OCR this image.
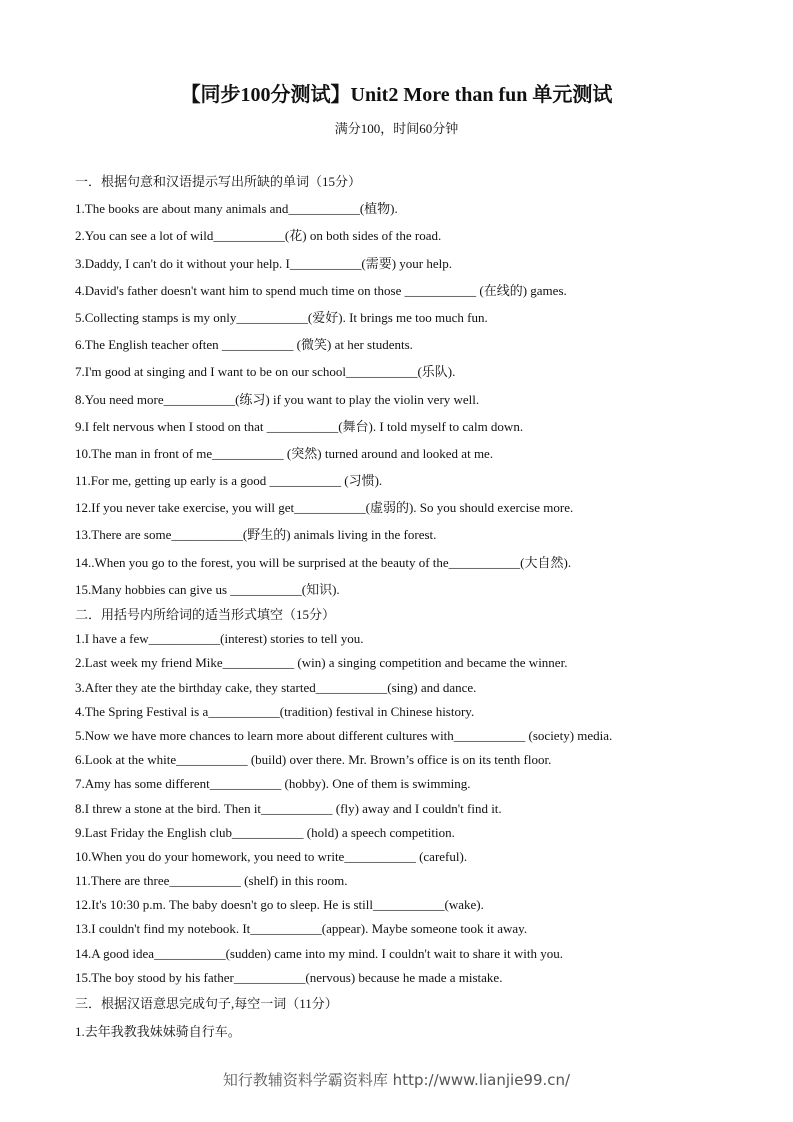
【同步100分测试】Unit2 More than fun 单元测试
满分100，时间60分钟
一．根据句意和汉语提示写出所缺的单词（15分）
1.The books are about many animals and___________(植物).
2.You can see a lot of wild___________(花) on both sides of the road.
3.Daddy, I can't do it without your help. I___________(需要) your help.
4.David's father doesn't want him to spend much time on those ___________ (在线的) games.
5.Collecting stamps is my only___________(爱好). It brings me too much fun.
6.The English teacher often ___________ (微笑) at her students.
7.I'm good at singing and I want to be on our school___________(乐队).
8.You need more___________(练习) if you want to play the violin very well.
9.I felt nervous when I stood on that ___________(舞台). I told myself to calm down.
10.The man in front of me___________ (突然) turned around and looked at me.
11.For me, getting up early is a good ___________ (习惯).
12.If you never take exercise, you will get___________(虚弱的). So you should exercise more.
13.There are some___________(野生的) animals living in the forest.
14..When you go to the forest, you will be surprised at the beauty of the___________(大自然).
15.Many hobbies can give us ___________(知识).
二．用括号内所给词的适当形式填空（15分）
1.I have a few___________(interest) stories to tell you.
2.Last week my friend Mike___________ (win) a singing competition and became the winner.
3.After they ate the birthday cake, they started___________(sing) and dance.
4.The Spring Festival is a___________(tradition) festival in Chinese history.
5.Now we have more chances to learn more about different cultures with___________ (society) media.
6.Look at the white___________ (build) over there. Mr. Brown’s office is on its tenth floor.
7.Amy has some different___________ (hobby). One of them is swimming.
8.I threw a stone at the bird. Then it___________ (fly) away and I couldn't find it.
9.Last Friday the English club___________ (hold) a speech competition.
10.When you do your homework, you need to write___________ (careful).
11.There are three___________ (shelf) in this room.
12.It's 10:30 p.m. The baby doesn't go to sleep. He is still___________(wake).
13.I couldn't find my notebook. It___________(appear). Maybe someone took it away.
14.A good idea___________(sudden) came into my mind. I couldn't wait to share it with you.
15.The boy stood by his father___________(nervous) because he made a mistake.
三．根据汉语意思完成句子,每空一词（11分）
1.去年我教我妹妹骑自行车。
知行教辅资料学霸资料库 http://www.lianjie99.cn/
